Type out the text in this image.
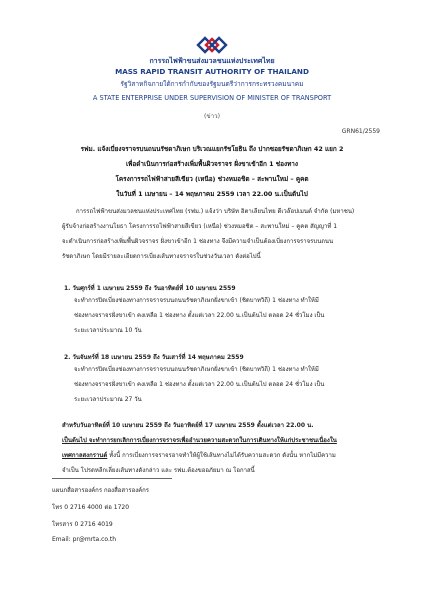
การรถไฟฟ้าขนส่งมวลชนแห่งประเทศไทย
MASS RAPID TRANSIT AUTHORITY OF THAILAND
รัฐวิสาหกิจภายใต้การกำกับของรัฐมนตรีว่าการกระทรวงคมนาคม
A STATE ENTERPRISE UNDER SUPERVISION OF MINISTER OF TRANSPORT
(ข่าว)
GRN61/2559
รฟม. แจ้งเบี่ยงจราจรบนถนนรัชดาภิเษก บริเวณแยกรัชโยธิน ถึง ปากซอยรัชดาภิเษก 42 แยก 2
เพื่อดำเนินการก่อสร้างเพิ่มพื้นผิวจราจร ฝั่งขาเข้าอีก 1 ช่องทาง
โครงการรถไฟฟ้าสายสีเขียว (เหนือ) ช่วงหมอชิต – สะพานใหม่ – คูคต
ในวันที่ 1 เมษายน – 14 พฤษภาคม 2559 เวลา 22.00 น.เป็นต้นไป
การรถไฟฟ้าขนส่งมวลชนแห่งประเทศไทย (รฟม.) แจ้งว่า บริษัท อิตาเลียนไทย ดีเวล๊อปเมนต์ จำกัด (มหาชน)
ผู้รับจ้างก่อสร้างงานโยธา โครงการรถไฟฟ้าสายสีเขียว (เหนือ) ช่วงหมอชิต – สะพานใหม่ – คูคต สัญญาที่ 1
จะดำเนินการก่อสร้างเพิ่มพื้นผิวจราจร ฝั่งขาเข้าอีก 1 ช่องทาง จึงมีความจำเป็นต้องเบี่ยงการจราจรบนถนน
รัชดาภิเษก โดยมีรายละเอียดการเบี่ยงเส้นทางจราจรในช่วงวันเวลา ดังต่อไปนี้
1. วันศุกร์ที่ 1 เมษายน 2559 ถึง วันอาทิตย์ที่ 10 เมษายน 2559
จะทำการปิดเบี่ยงช่องทางการจราจรบนถนนรัชดาภิเษกฝั่งขาเข้า (ชิดบาทวิถี) 1 ช่องทาง ทำให้มี
ช่องทางจราจรฝั่งขาเข้า คงเหลือ 1 ช่องทาง ตั้งแต่เวลา 22.00 น.เป็นต้นไป ตลอด 24 ชั่วโมง เป็น
ระยะเวลาประมาณ 10 วัน
2. วันจันทร์ที่ 18 เมษายน 2559 ถึง วันเสาร์ที่ 14 พฤษภาคม 2559
จะทำการปิดเบี่ยงช่องทางการจราจรบนถนนรัชดาภิเษกฝั่งขาเข้า (ชิดบาทวิถี) 1 ช่องทาง ทำให้มี
ช่องทางจราจรฝั่งขาเข้า คงเหลือ 1 ช่องทาง ตั้งแต่เวลา 22.00 น.เป็นต้นไป ตลอด 24 ชั่วโมง เป็น
ระยะเวลาประมาณ 27 วัน
สำหรับวันอาทิตย์ที่ 10 เมษายน 2559 ถึง วันอาทิตย์ที่ 17 เมษายน 2559 ตั้งแต่เวลา 22.00 น.
เป็นต้นไป จะทำการยกเลิกการเบี่ยงการจราจรเพื่ออำนวยความสะดวกในการเดินทางให้แก่ประชาชนเนื่องใน
เทศกาลสงกรานต์ ทั้งนี้ การเบี่ยงการจราจรอาจทำให้ผู้ใช้เส้นทางไม่ได้รับความสะดวก ดังนั้น หากไม่มีความ
จำเป็น โปรดหลีกเลี่ยงเส้นทางดังกล่าว และ รฟม.ต้องขออภัยมา ณ โอกาสนี้
แผนกสื่อสารองค์กร กองสื่อสารองค์กร
โทร 0 2716 4000 ต่อ 1720
โทรสาร 0 2716 4019
Email: pr@mrta.co.th
